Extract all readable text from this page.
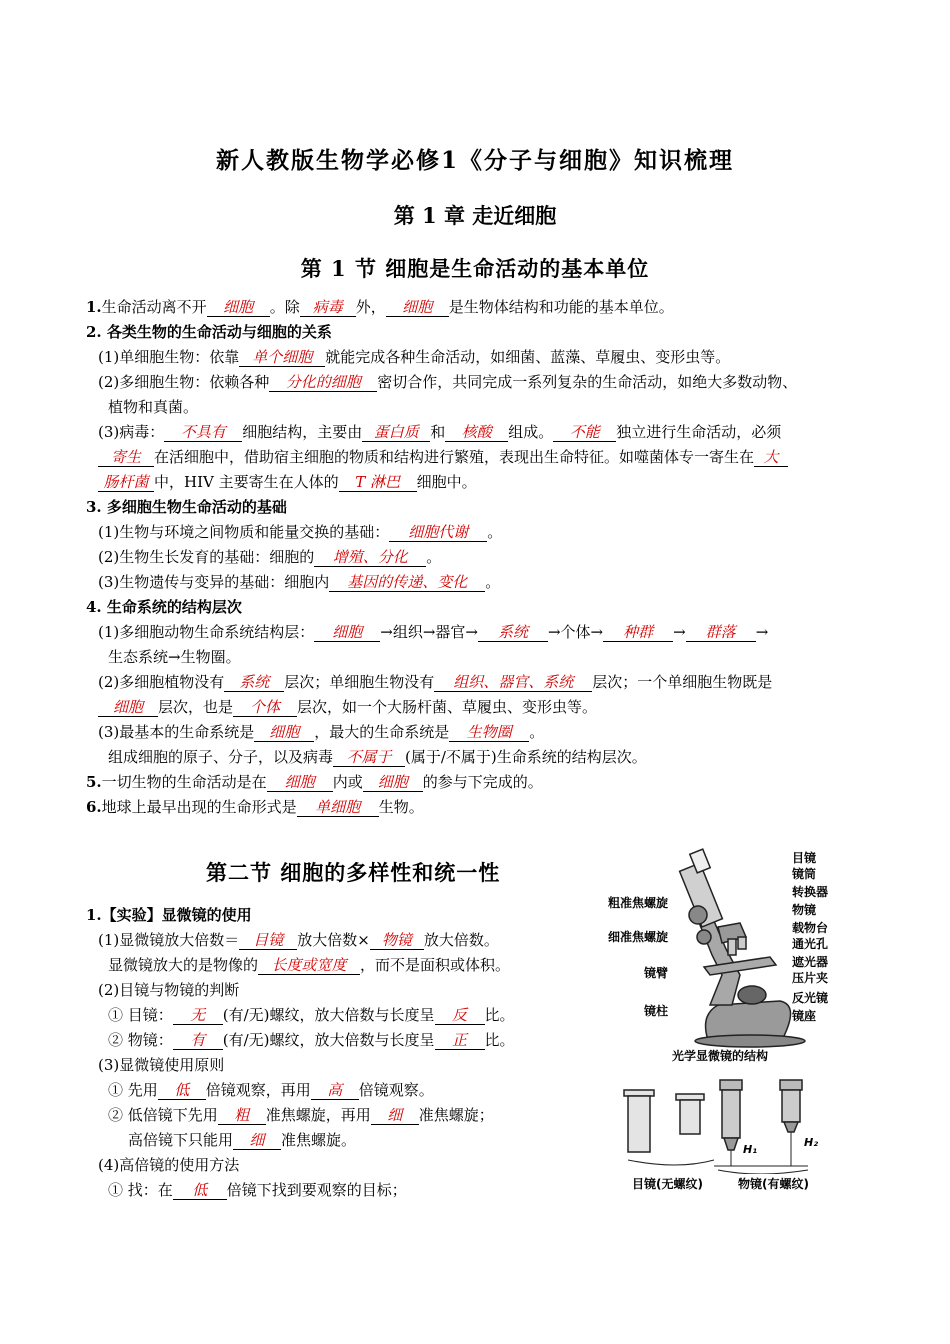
新人教版生物学必修1《分子与细胞》知识梳理
第 1 章 走近细胞
第 1 节 细胞是生命活动的基本单位
1.生命活动离不开 细胞 。除 病毒 外， 细胞 是生物体结构和功能的基本单位。
2. 各类生物的生命活动与细胞的关系
(1)单细胞生物：依靠 单个细胞 就能完成各种生命活动，如细菌、蓝藻、草履虫、变形虫等。
(2)多细胞生物：依赖各种 分化的细胞 密切合作，共同完成一系列复杂的生命活动，如绝大多数动物、
植物和真菌。
(3)病毒： 不具有 细胞结构，主要由 蛋白质 和 核酸 组成。 不能 独立进行生命活动，必须
寄生 在活细胞中，借助宿主细胞的物质和结构进行繁殖，表现出生命特征。如噬菌体专一寄生在 大
肠杆菌 中，HIV 主要寄生在人体的 T 淋巴 细胞中。
3. 多细胞生物生命活动的基础
(1)生物与环境之间物质和能量交换的基础： 细胞代谢 。
(2)生物生长发育的基础：细胞的 增殖、分化 。
(3)生物遗传与变异的基础：细胞内 基因的传递、变化 。
4. 生命系统的结构层次
(1)多细胞动物生命系统结构层： 细胞 →组织→器官→ 系统 →个体→ 种群 → 群落 →
生态系统→生物圈。
(2)多细胞植物没有 系统 层次；单细胞生物没有 组织、器官、系统 层次；一个单细胞生物既是
细胞 层次，也是 个体 层次，如一个大肠杆菌、草履虫、变形虫等。
(3)最基本的生命系统是 细胞 ，最大的生命系统是 生物圈 。
组成细胞的原子、分子，以及病毒 不属于 (属于/不属于)生命系统的结构层次。
5.一切生物的生命活动是在 细胞 内或 细胞 的参与下完成的。
6.地球上最早出现的生命形式是 单细胞 生物。
第二节 细胞的多样性和统一性
1.【实验】显微镜的使用
(1)显微镜放大倍数＝ 目镜 放大倍数× 物镜 放大倍数。
显微镜放大的是物像的 长度或宽度 ，而不是面积或体积。
(2)目镜与物镜的判断
① 目镜： 无 (有/无)螺纹，放大倍数与长度呈 反 比。
② 物镜： 有 (有/无)螺纹，放大倍数与长度呈 正 比。
(3)显微镜使用原则
① 先用 低 倍镜观察，再用 高 倍镜观察。
② 低倍镜下先用 粗 准焦螺旋，再用 细 准焦螺旋；
高倍镜下只能用 细 准焦螺旋。
(4)高倍镜的使用方法
① 找：在 低 倍镜下找到要观察的目标；
目镜
镜筒
转换器
物镜
载物台
通光孔
遮光器
压片夹
反光镜
镜座
粗准焦螺旋
细准焦螺旋
镜臂
镜柱
光学显微镜的结构
H₁
H₂
目镜(无螺纹)	物镜(有螺纹)
